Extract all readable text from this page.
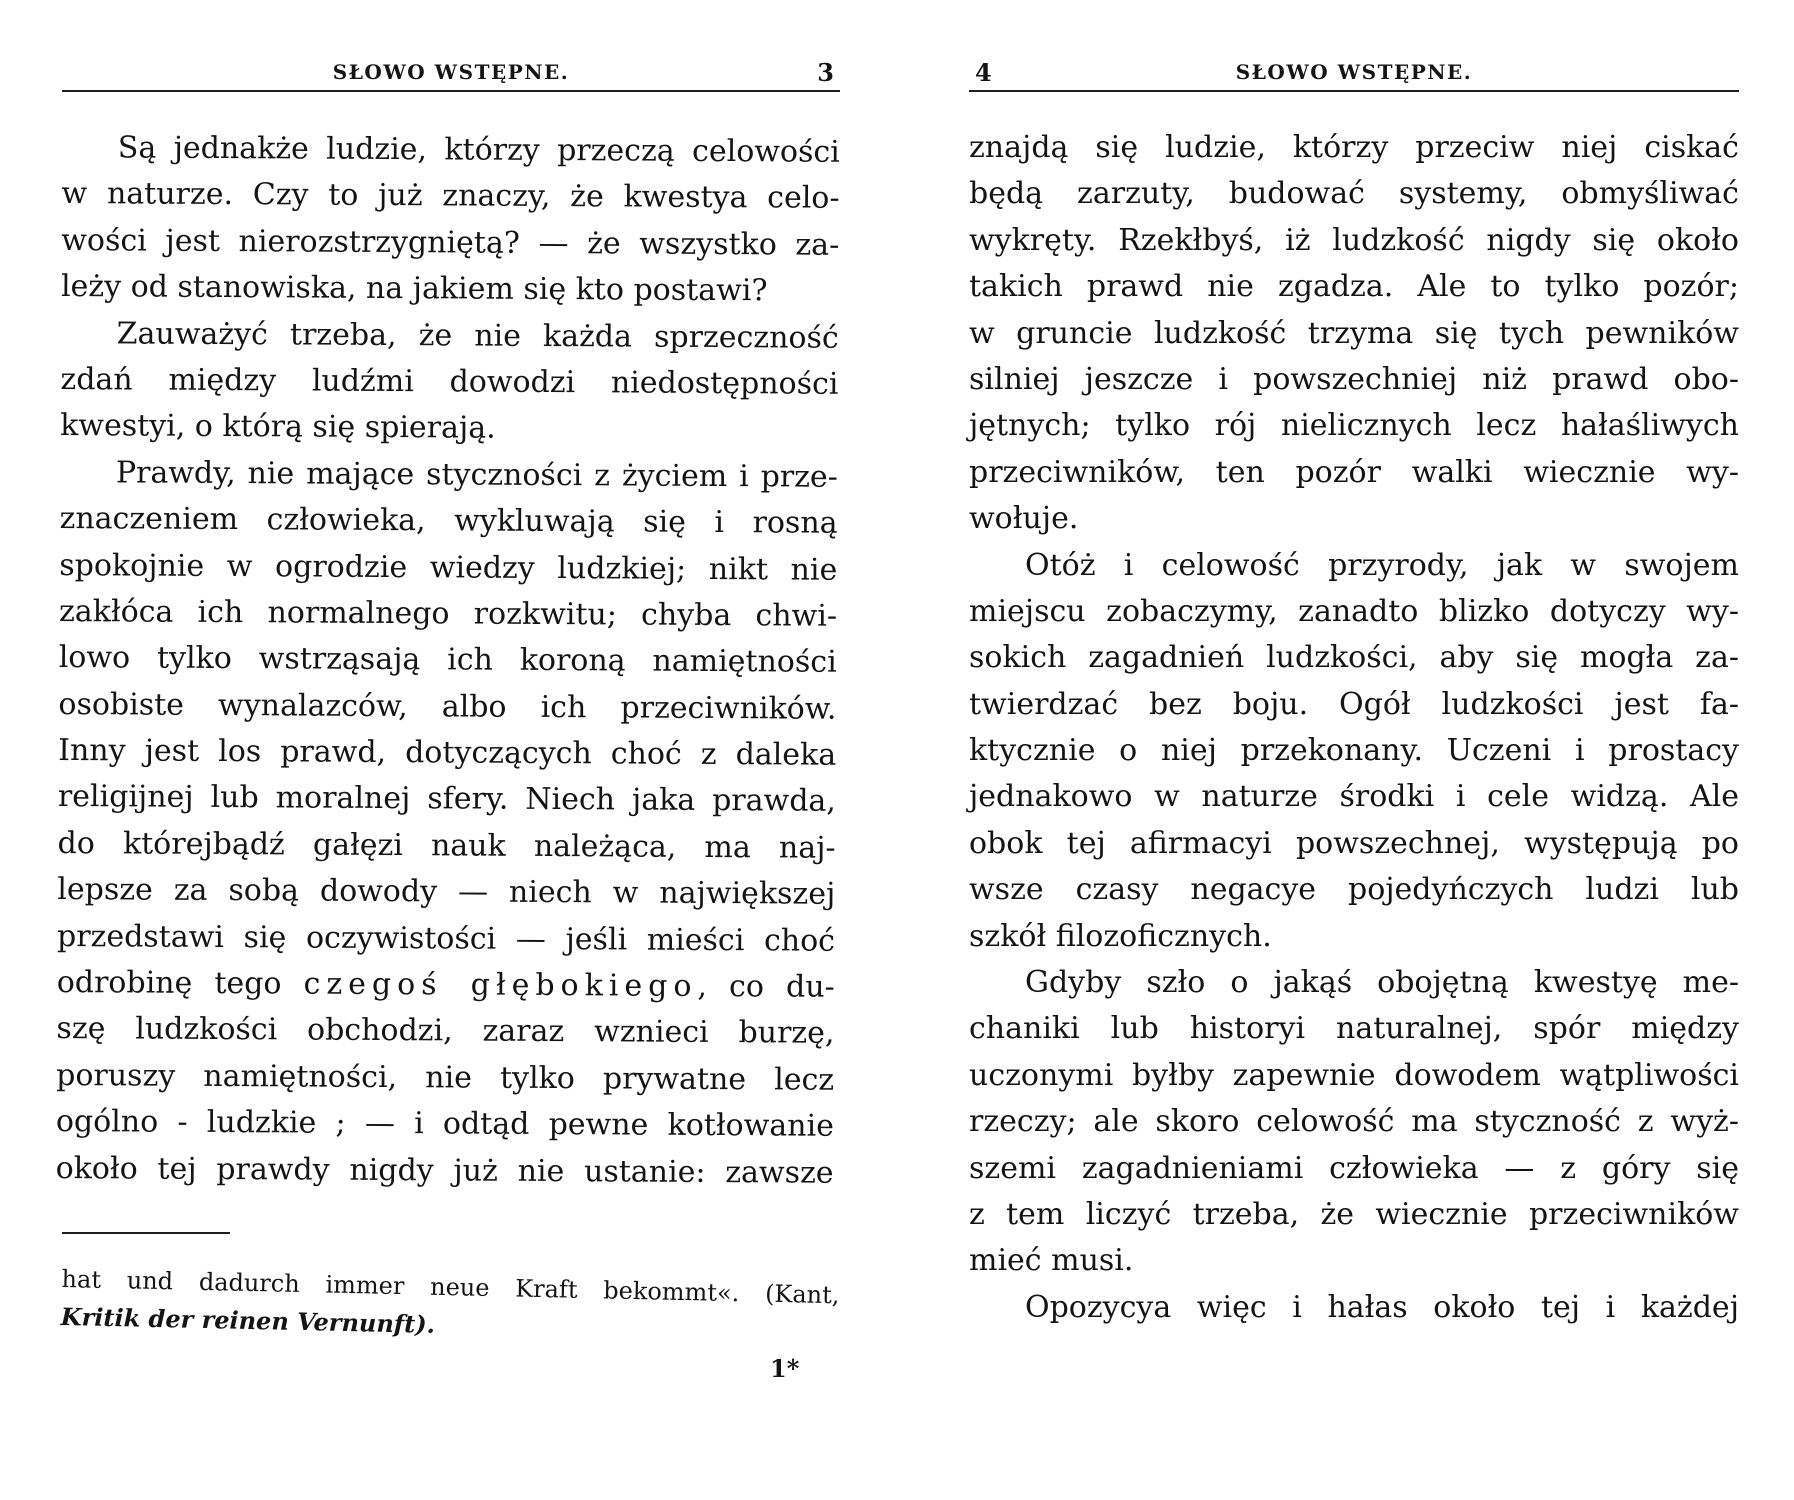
SŁOWO WSTĘPNE.	3
Są jednakże ludzie, którzy przeczą celowości
w naturze. Czy to już znaczy, że kwestya celo-
wości jest nierozstrzygniętą? — że wszystko za-
leży od stanowiska, na jakiem się kto postawi?
Zauważyć trzeba, że nie każda sprzeczność
zdań między ludźmi dowodzi niedostępności
kwestyi, o którą się spierają.
Prawdy, nie mające styczności z życiem i prze-
znaczeniem człowieka, wykluwają się i rosną
spokojnie w ogrodzie wiedzy ludzkiej; nikt nie
zakłóca ich normalnego rozkwitu; chyba chwi-
lowo tylko wstrząsają ich koroną namiętności
osobiste wynalazców, albo ich przeciwników.
Inny jest los prawd, dotyczących choć z daleka
religijnej lub moralnej sfery. Niech jaka prawda,
do którejbądź gałęzi nauk należąca, ma naj-
lepsze za sobą dowody — niech w największej
przedstawi się oczywistości — jeśli mieści choć
odrobinę tego czegoś głębokiego, co du-
szę ludzkości obchodzi, zaraz wznieci burzę,
poruszy namiętności, nie tylko prywatne lecz
ogólno - ludzkie ; — i odtąd pewne kotłowanie
około tej prawdy nigdy już nie ustanie: zawsze
hat und dadurch immer neue Kraft bekommt«. (Kant,
Kritik der reinen Vernunft).
1*
SŁOWO WSTĘPNE.
4
znajdą się ludzie, którzy przeciw niej ciskać
będą zarzuty, budować systemy, obmyśliwać
wykręty. Rzekłbyś, iż ludzkość nigdy się około
takich prawd nie zgadza. Ale to tylko pozór;
w gruncie ludzkość trzyma się tych pewników
silniej jeszcze i powszechniej niż prawd obo-
jętnych; tylko rój nielicznych lecz hałaśliwych
przeciwników, ten pozór walki wiecznie wy-
wołuje.
Otóż i celowość przyrody, jak w swojem
miejscu zobaczymy, zanadto blizko dotyczy wy-
sokich zagadnień ludzkości, aby się mogła za-
twierdzać bez boju. Ogół ludzkości jest fa-
ktycznie o niej przekonany. Uczeni i prostacy
jednakowo w naturze środki i cele widzą. Ale
obok tej afirmacyi powszechnej, występują po
wsze czasy negacye pojedyńczych ludzi lub
szkół filozoficznych.
Gdyby szło o jakąś obojętną kwestyę me-
chaniki lub historyi naturalnej, spór między
uczonymi byłby zapewnie dowodem wątpliwości
rzeczy; ale skoro celowość ma styczność z wyż-
szemi zagadnieniami człowieka — z góry się
z tem liczyć trzeba, że wiecznie przeciwników
mieć musi.
Opozycya więc i hałas około tej i każdej
